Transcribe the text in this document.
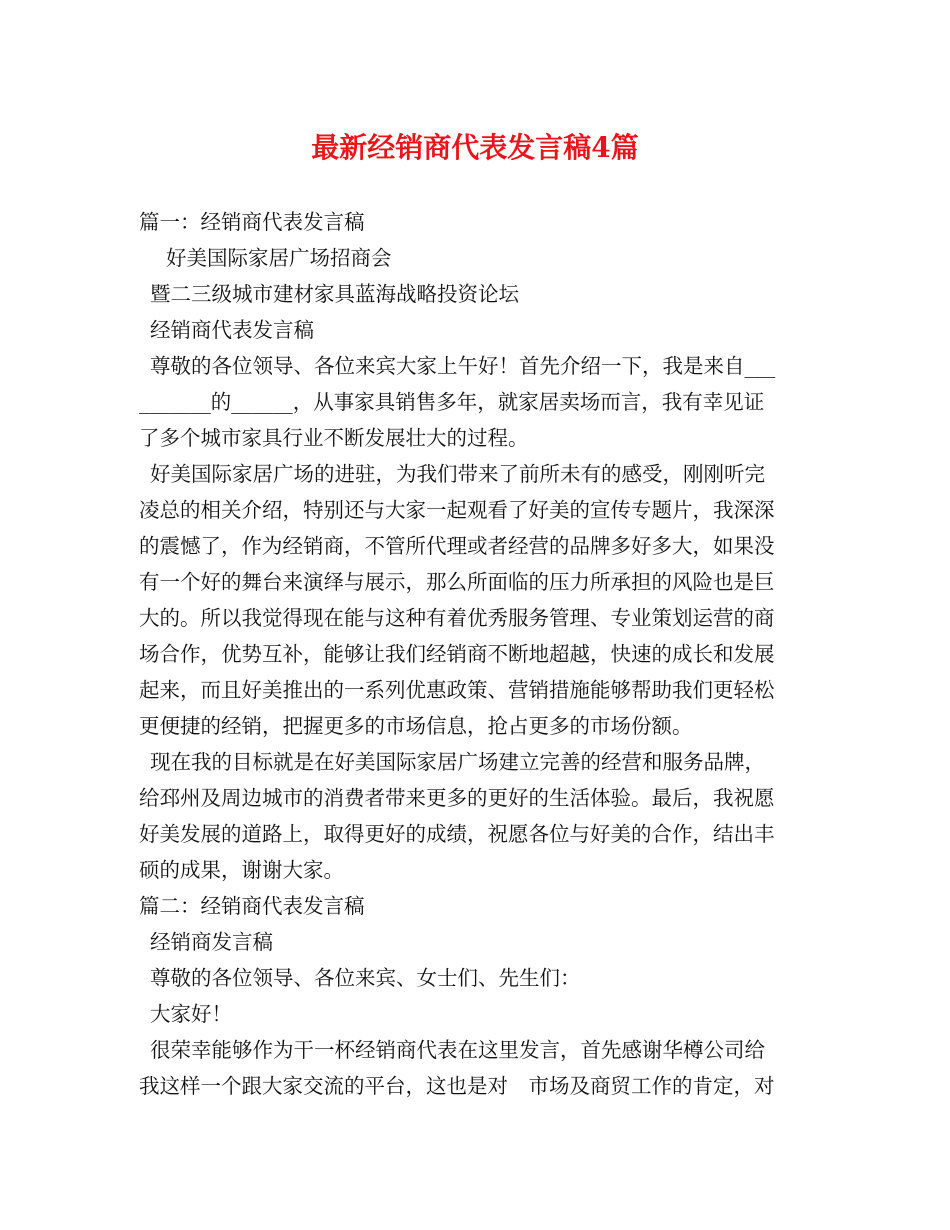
最新经销商代表发言稿4篇
篇一：经销商代表发言稿
好美国际家居广场招商会
暨二三级城市建材家具蓝海战略投资论坛
经销商代表发言稿
尊敬的各位领导、各位来宾大家上午好！首先介绍一下，我是来自___
_______的______，从事家具销售多年，就家居卖场而言，我有幸见证
了多个城市家具行业不断发展壮大的过程。
好美国际家居广场的进驻，为我们带来了前所未有的感受，刚刚听完
凌总的相关介绍，特别还与大家一起观看了好美的宣传专题片，我深深
的震憾了，作为经销商，不管所代理或者经营的品牌多好多大，如果没
有一个好的舞台来演绎与展示，那么所面临的压力所承担的风险也是巨
大的。所以我觉得现在能与这种有着优秀服务管理、专业策划运营的商
场合作，优势互补，能够让我们经销商不断地超越，快速的成长和发展
起来，而且好美推出的一系列优惠政策、营销措施能够帮助我们更轻松
更便捷的经销，把握更多的市场信息，抢占更多的市场份额。
现在我的目标就是在好美国际家居广场建立完善的经营和服务品牌，
给邳州及周边城市的消费者带来更多的更好的生活体验。最后，我祝愿
好美发展的道路上，取得更好的成绩，祝愿各位与好美的合作，结出丰
硕的成果，谢谢大家。
篇二：经销商代表发言稿
经销商发言稿
尊敬的各位领导、各位来宾、女士们、先生们：
大家好！
很荣幸能够作为干一杯经销商代表在这里发言，首先感谢华樽公司给
我这样一个跟大家交流的平台，这也是对　市场及商贸工作的肯定，对
